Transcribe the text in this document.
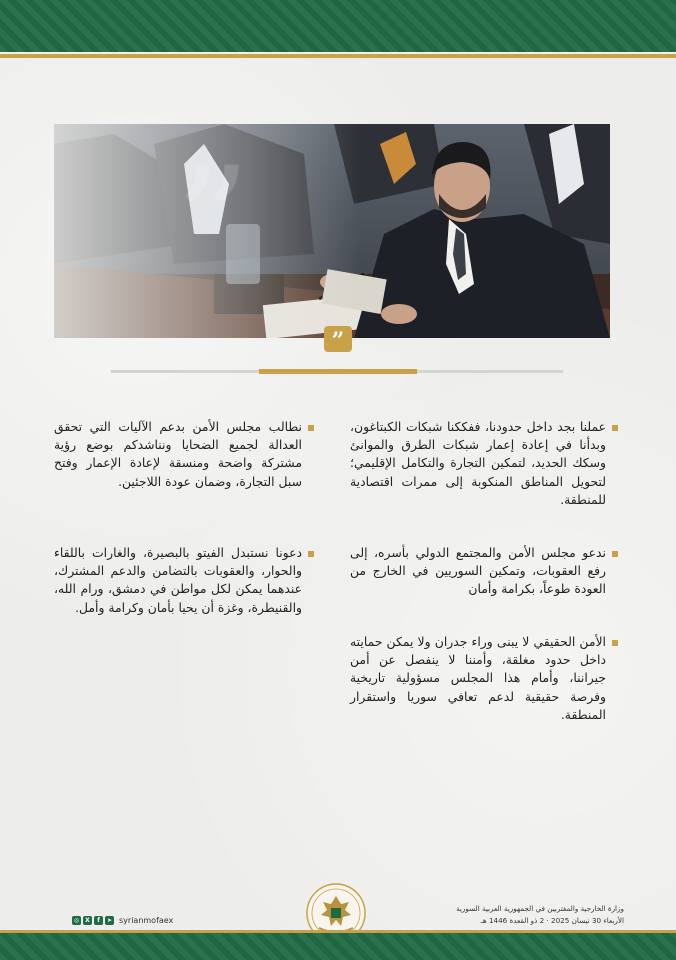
”
”

عملنا بجد داخل حدودنا، ففككنا شبكات الكبتاغون، وبدأنا في إعادة إعمار شبكات الطرق والموانئ وسكك الحديد، لتمكين التجارة والتكامل الإقليمي؛ لتحويل المناطق المنكوبة إلى ممرات اقتصادية للمنطقة.

ندعو مجلس الأمن والمجتمع الدولي بأسره، إلى رفع العقوبات، وتمكين السوريين في الخارج من العودة طوعاً، بكرامة وأمان

الأمن الحقيقي لا يبنى وراء جدران ولا يمكن حمايته داخل حدود مغلقة، وأمننا لا ينفصل عن أمن جيراننا، وأمام هذا المجلس مسؤولية تاريخية وفرصة حقيقية لدعم تعافي سوريا واستقرار المنطقة.

نطالب مجلس الأمن بدعم الآليات التي تحقق العدالة لجميع الضحايا ونناشدكم بوضع رؤية مشتركة واضحة ومنسقة لإعادة الإعمار وفتح سبل التجارة، وضمان عودة اللاجئين.

دعونا نستبدل الفيتو بالبصيرة، والغارات باللقاء والحوار، والعقوبات بالتضامن والدعم المشترك، عندهما يمكن لكل مواطن في دمشق، ورام الله، والقنيطرة، وغزة أن يحيا بأمان وكرامة وأمل.

وزارة الخارجية والمغتربين في الجمهورية العربية السورية
الأربعاء 30 نيسان 2025 · 2 ذو القعدة 1446 هـ
◎	X	f	➤ syrianmofaex
